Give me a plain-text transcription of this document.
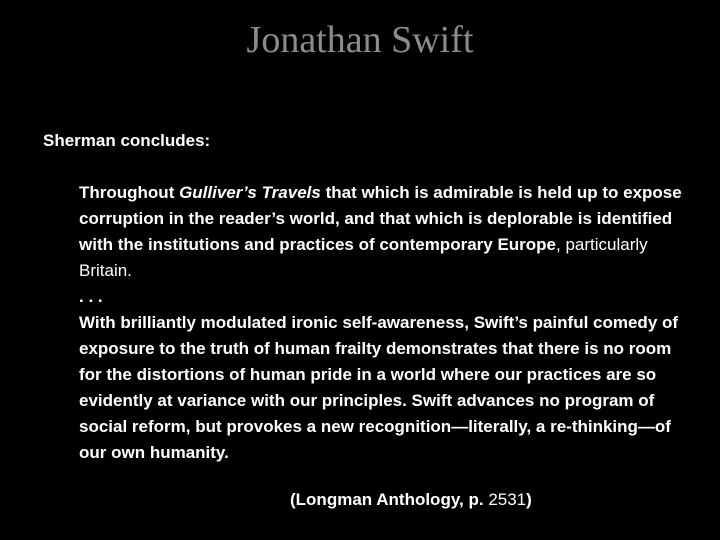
Jonathan Swift

Sherman concludes:

Throughout Gulliver’s Travels that which is admirable is held up to expose corruption in the reader’s world, and that which is deplorable is identified with the institutions and practices of contemporary Europe, particularly Britain.

. . .

With brilliantly modulated ironic self-awareness, Swift’s painful comedy of exposure to the truth of human frailty demonstrates that there is no room for the distortions of human pride in a world where our practices are so evidently at variance with our principles. Swift advances no program of social reform, but provokes a new recognition—literally, a re-thinking—of our own humanity.

(Longman Anthology, p. 2531)
